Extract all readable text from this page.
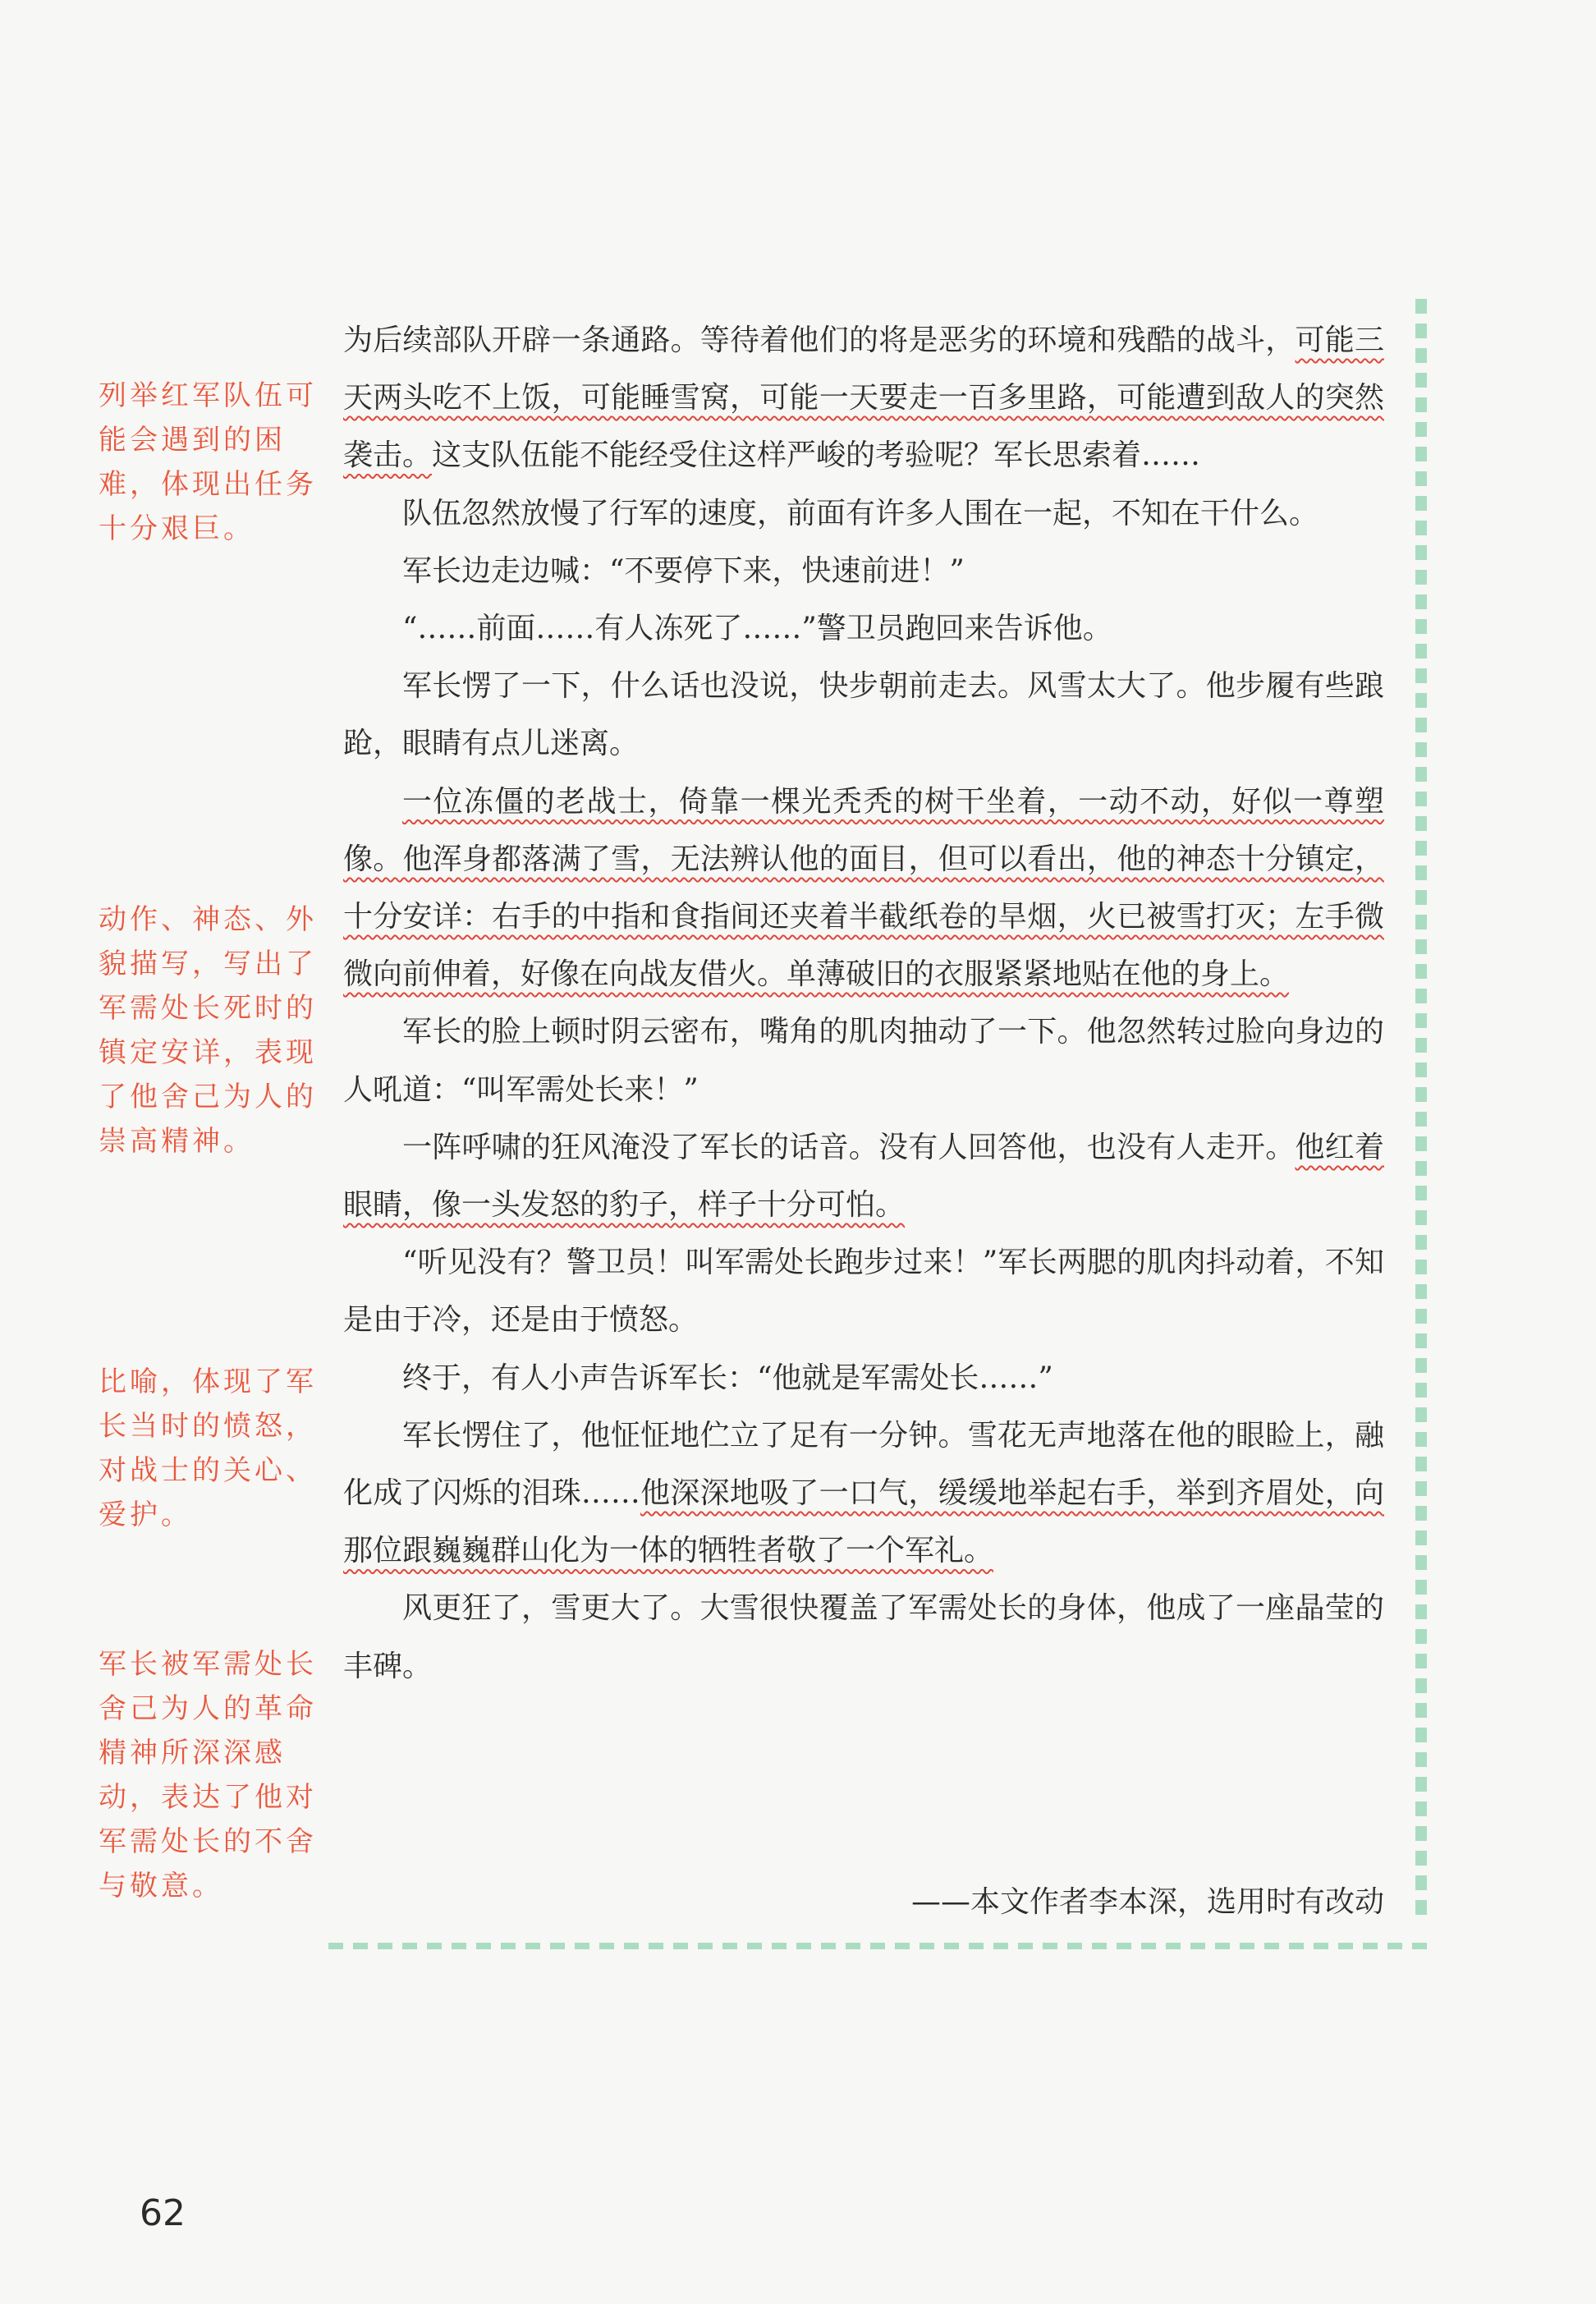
为后续部队开辟一条通路。等待着他们的将是恶劣的环境和残酷的战斗，可能三天两头吃不上饭，可能睡雪窝，可能一天要走一百多里路，可能遭到敌人的突然袭击。这支队伍能不能经受住这样严峻的考验呢？军长思索着……

队伍忽然放慢了行军的速度，前面有许多人围在一起，不知在干什么。

军长边走边喊：“不要停下来，快速前进！”

“……前面……有人冻死了……”警卫员跑回来告诉他。

军长愣了一下，什么话也没说，快步朝前走去。风雪太大了。他步履有些踉跄，眼睛有点儿迷离。

一位冻僵的老战士，倚靠一棵光秃秃的树干坐着，一动不动，好似一尊塑像。他浑身都落满了雪，无法辨认他的面目，但可以看出，他的神态十分镇定，十分安详：右手的中指和食指间还夹着半截纸卷的旱烟，火已被雪打灭；左手微微向前伸着，好像在向战友借火。单薄破旧的衣服紧紧地贴在他的身上。

军长的脸上顿时阴云密布，嘴角的肌肉抽动了一下。他忽然转过脸向身边的人吼道：“叫军需处长来！”

一阵呼啸的狂风淹没了军长的话音。没有人回答他，也没有人走开。他红着眼睛，像一头发怒的豹子，样子十分可怕。

“听见没有？警卫员！叫军需处长跑步过来！”军长两腮的肌肉抖动着，不知是由于冷，还是由于愤怒。

终于，有人小声告诉军长：“他就是军需处长……”

军长愣住了，他怔怔地伫立了足有一分钟。雪花无声地落在他的眼睑上，融化成了闪烁的泪珠……他深深地吸了一口气，缓缓地举起右手，举到齐眉处，向那位跟巍巍群山化为一体的牺牲者敬了一个军礼。

风更狂了，雪更大了。大雪很快覆盖了军需处长的身体，他成了一座晶莹的丰碑。

——本文作者李本深，选用时有改动
列举红军队伍可能会遇到的困难，体现出任务十分艰巨。
动作、神态、外貌描写，写出了军需处长死时的镇定安详，表现了他舍己为人的崇高精神。
比喻，体现了军长当时的愤怒，对战士的关心、爱护。
军长被军需处长舍己为人的革命精神所深深感动，表达了他对军需处长的不舍与敬意。
62
